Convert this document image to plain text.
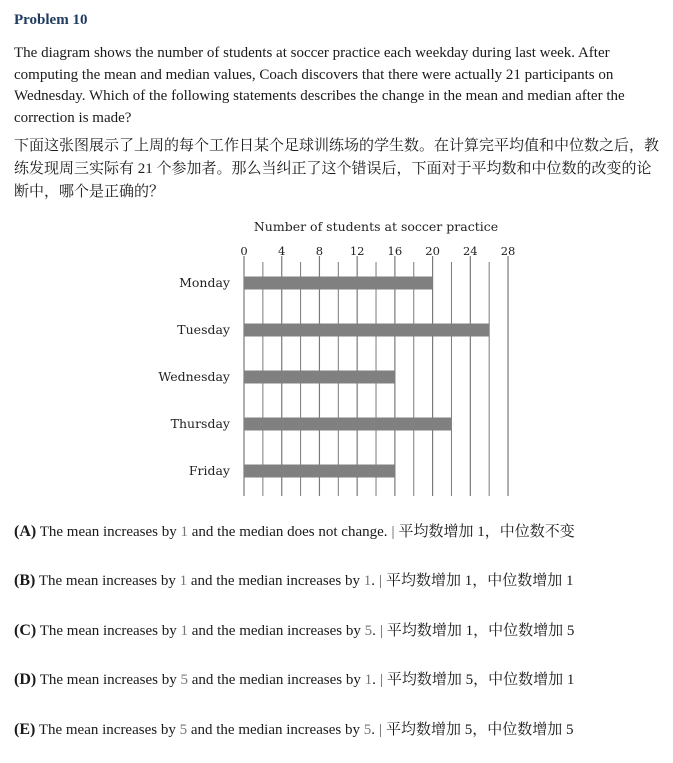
Problem 10

The diagram shows the number of students at soccer practice each weekday during last week. After computing the mean and median values, Coach discovers that there were actually 21 participants on Wednesday. Which of the following statements describes the change in the mean and median after the correction is made?

下面这张图展示了上周的每个工作日某个足球训练场的学生数。在计算完平均值和中位数之后，教练发现周三实际有 21 个参加者。那么当纠正了这个错误后，下面对于平均数和中位数的改变的论断中，哪个是正确的？

Number of students at soccer practice
0	4	8 12 16 20 24 28
Monday
Tuesday
Wednesday
Thursday
Friday
(A) The mean increases by 1 and the median does not change. | 平均数增加 1，中位数不变
(B) The mean increases by 1 and the median increases by 1. | 平均数增加 1，中位数增加 1
(C) The mean increases by 1 and the median increases by 5. | 平均数增加 1，中位数增加 5
(D) The mean increases by 5 and the median increases by 1. | 平均数增加 5，中位数增加 1
(E) The mean increases by 5 and the median increases by 5. | 平均数增加 5，中位数增加 5
